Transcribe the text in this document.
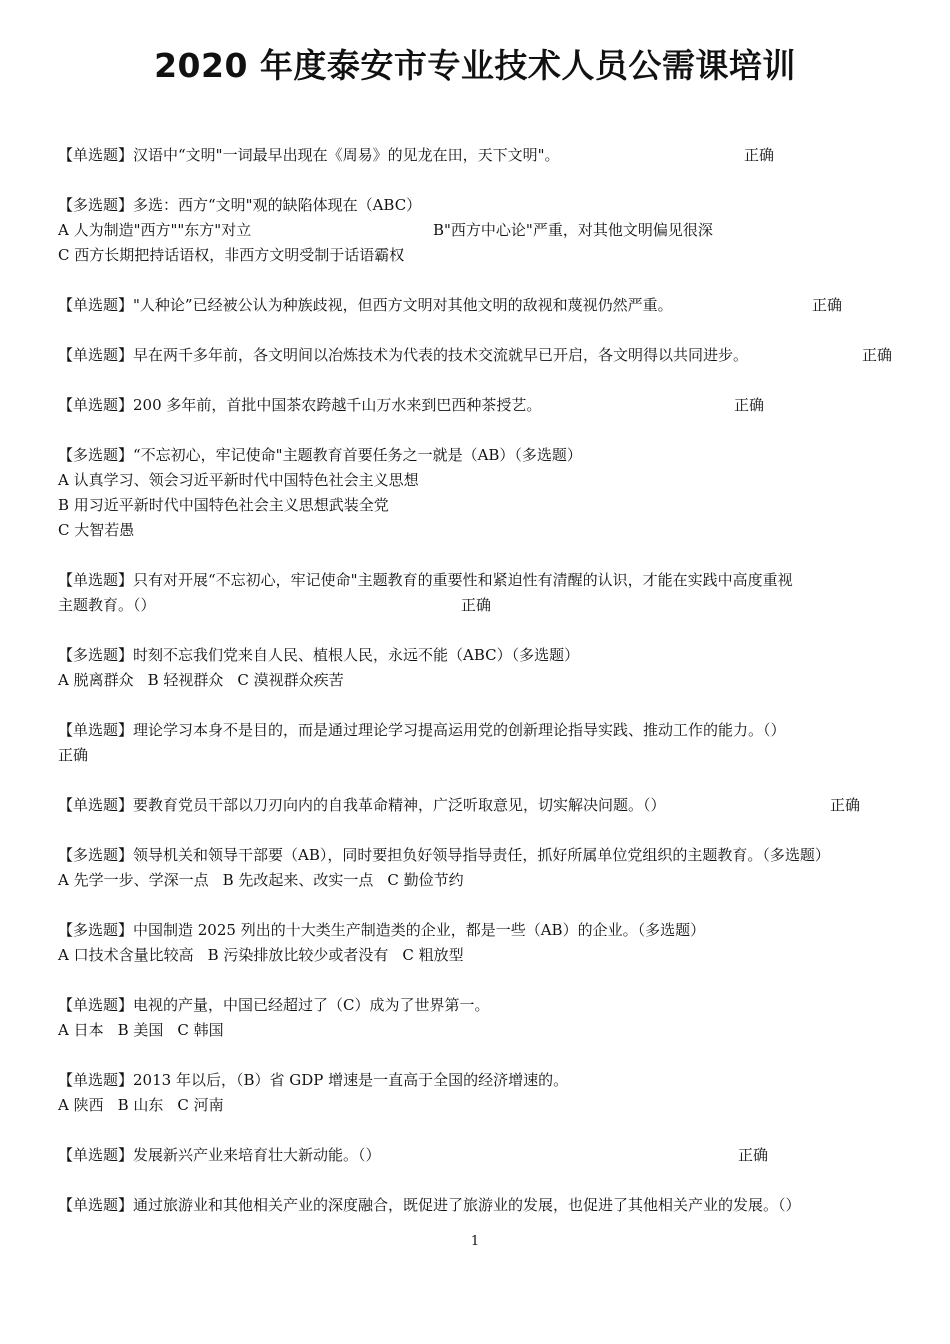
2020 年度泰安市专业技术人员公需课培训
【单选题】汉语中“文明"一词最早出现在《周易》的见龙在田，天下文明"。	正确
【多选题】多选：西方“文明"观的缺陷体现在（ABC）
A 人为制造"西方""东方"对立	B"西方中心论"严重，对其他文明偏见很深
C 西方长期把持话语权，非西方文明受制于话语霸权
【单选题】"人种论”已经被公认为种族歧视，但西方文明对其他文明的敌视和蔑视仍然严重。	正确
【单选题】早在两千多年前，各文明间以冶炼技术为代表的技术交流就早已开启，各文明得以共同进步。	正确
【单选题】200 多年前，首批中国茶农跨越千山万水来到巴西种茶授艺。	正确
【多选题】“不忘初心，牢记使命"主题教育首要任务之一就是（AB）（多选题）
A 认真学习、领会习近平新时代中国特色社会主义思想
B 用习近平新时代中国特色社会主义思想武装全党
C 大智若愚
【单选题】只有对开展“不忘初心，牢记使命"主题教育的重要性和紧迫性有清醒的认识，才能在实践中高度重视
主题教育。（）	正确
【多选题】时刻不忘我们党来自人民、植根人民，永远不能（ABC）（多选题）
A 脱离群众 B 轻视群众 C 漠视群众疾苦
【单选题】理论学习本身不是目的，而是通过理论学习提高运用党的创新理论指导实践、推动工作的能力。（）
正确
【单选题】要教育党员干部以刀刃向内的自我革命精神，广泛听取意见，切实解决问题。（）	正确
【多选题】领导机关和领导干部要（AB），同时要担负好领导指导责任，抓好所属单位党组织的主题教育。（多选题）
A 先学一步、学深一点 B 先改起来、改实一点 C 勤俭节约
【多选题】中国制造 2025 列出的十大类生产制造类的企业，都是一些（AB）的企业。（多选题）
A 口技术含量比较高 B 污染排放比较少或者没有 C 粗放型
【单选题】电视的产量，中国已经超过了（C）成为了世界第一。
A 日本 B 美国 C 韩国
【单选题】2013 年以后，（B）省 GDP 增速是一直高于全国的经济增速的。
A 陕西 B 山东 C 河南
【单选题】发展新兴产业来培育壮大新动能。（）	正确
【单选题】通过旅游业和其他相关产业的深度融合，既促进了旅游业的发展，也促进了其他相关产业的发展。（）
1
